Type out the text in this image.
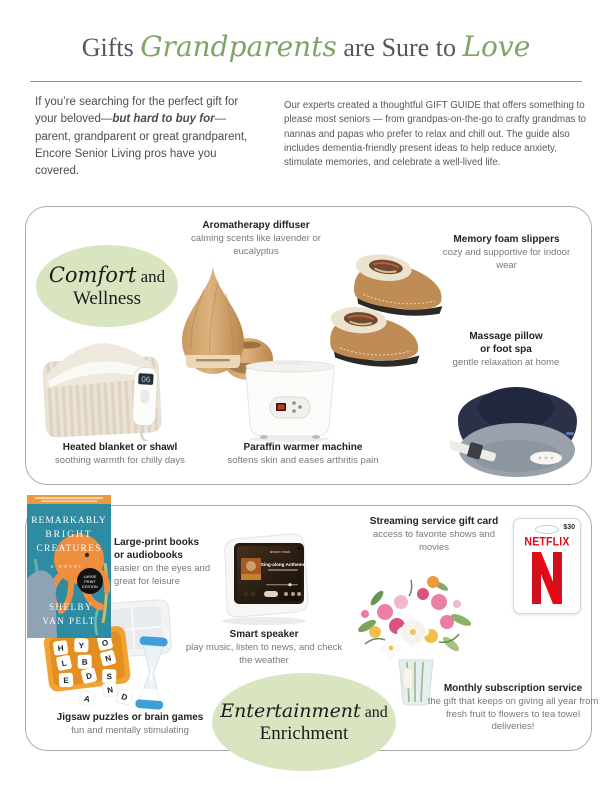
Gifts Grandparents are Sure to Love

If you’re searching for the perfect gift for your beloved—but hard to buy for—parent, grandparent or great grandparent, Encore Senior Living pros have you covered.

Our experts created a thoughtful GIFT GUIDE that offers something to please most seniors — from grandpas-on-the-go to crafty grandmas to nannas and papas who prefer to relax and chill out. The guide also includes dementia-friendly present ideas to help reduce anxiety, stimulate memories, and celebrate a well-lived life.

Comfort and
Wellness
Aromatherapy diffuser
calming scents like lavender or eucalyptus
Memory foam slippers
cozy and supportive for indoor wear
Massage pillow
or foot spa
gentle relaxation at home
Heated blanket or shawl
soothing warmth for chilly days
06
Paraffin warmer machine
softens skin and eases arthritis pain
REMARKABLY
BRIGHT
CREATURES
A NOVEL
LARGE
PRINT
EDITION
SHELBY
VAN PELT
Large-print books
or audiobooks
easier on the eyes and great for leisure
amazon music
Sing-along Anthems
Smart speaker
play music, listen to news, and check the weather
Streaming service gift card
access to favorite shows and movies
$30
NETFLIX
Monthly subscription service
the gift that keeps on giving all year from fresh fruit to flowers to tea towel deliveries!
H Y O
L B N
E D S
A
N
D
Jigsaw puzzles or brain games
fun and mentally stimulating
Entertainment and
Enrichment
